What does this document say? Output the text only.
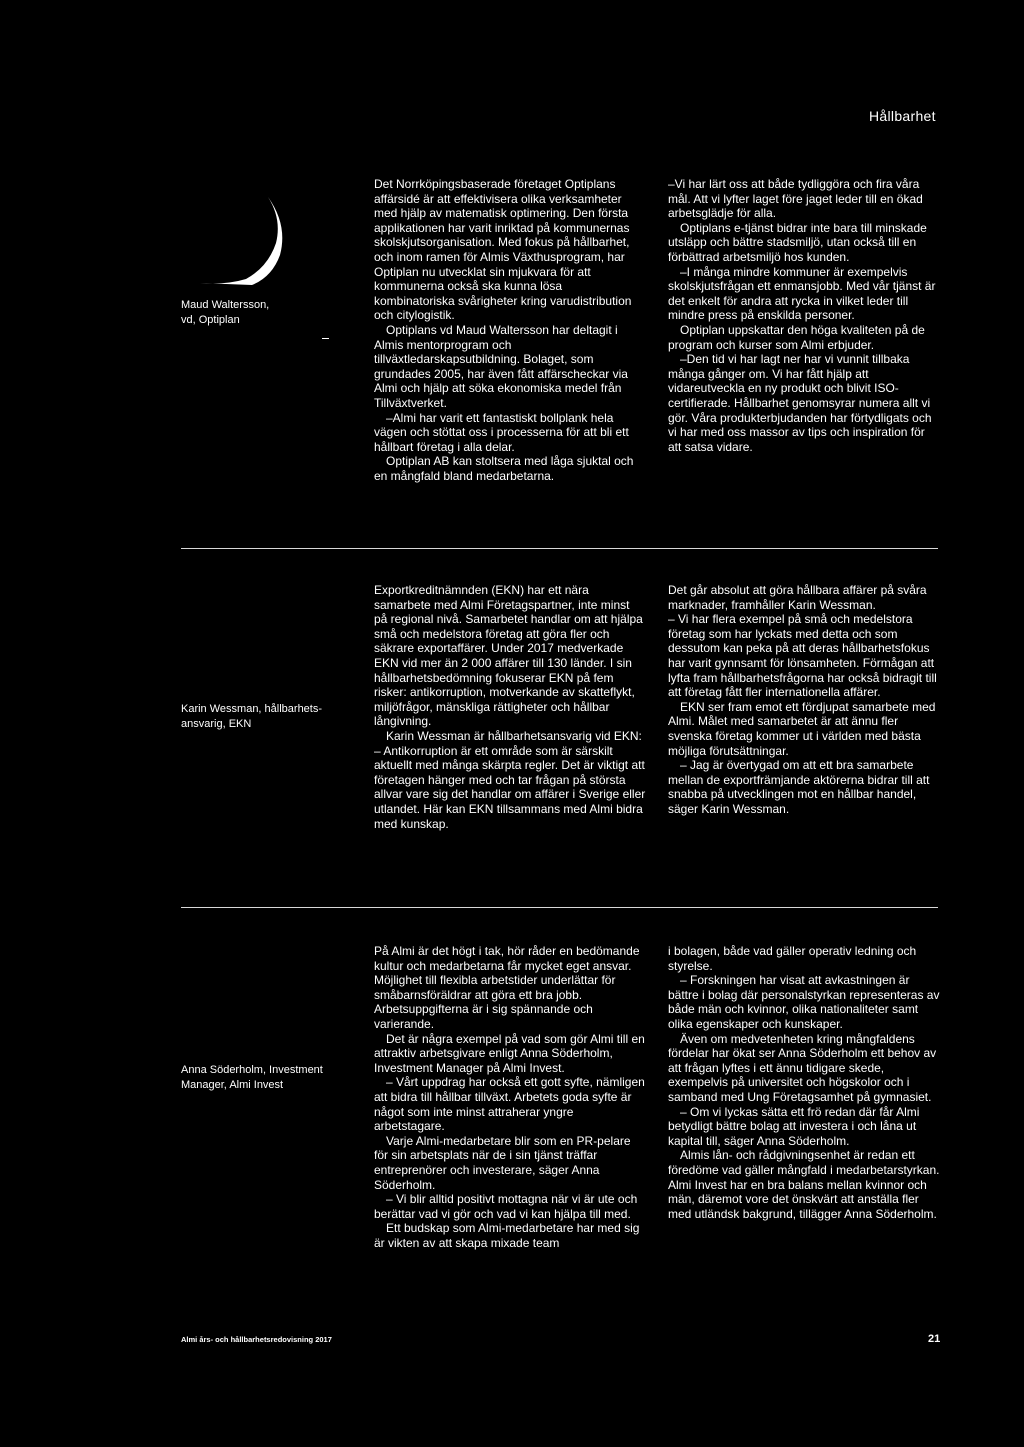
Hållbarhet
Maud Waltersson,
vd, Optiplan

Det Norrköpingsbaserade företaget Optiplans affärsidé är att effektivisera olika verksamheter med hjälp av matematisk optimering. Den första applikationen har varit inriktad på kommunernas skolskjutsorganisation. Med fokus på hållbarhet, och inom ramen för Almis Växthusprogram, har Optiplan nu utvecklat sin mjukvara för att kommunerna också ska kunna lösa kombinatoriska svårigheter kring varudistribution och citylogistik.

Optiplans vd Maud Waltersson har deltagit i Almis mentorprogram och tillväxtledarskapsutbildning. Bolaget, som grundades 2005, har även fått affärscheckar via Almi och hjälp att söka ekonomiska medel från Tillväxtverket.

–Almi har varit ett fantastiskt bollplank hela vägen och stöttat oss i processerna för att bli ett hållbart företag i alla delar.

Optiplan AB kan stoltsera med låga sjuktal och en mångfald bland medarbetarna.

–Vi har lärt oss att både tydliggöra och fira våra mål. Att vi lyfter laget före jaget leder till en ökad arbetsglädje för alla.

Optiplans e-tjänst bidrar inte bara till minskade utsläpp och bättre stadsmiljö, utan också till en förbättrad arbetsmiljö hos kunden.

–I många mindre kommuner är exempelvis skolskjutsfrågan ett enmansjobb. Med vår tjänst är det enkelt för andra att rycka in vilket leder till mindre press på enskilda personer.

Optiplan uppskattar den höga kvaliteten på de program och kurser som Almi erbjuder.

–Den tid vi har lagt ner har vi vunnit tillbaka många gånger om. Vi har fått hjälp att vidareutveckla en ny produkt och blivit ISO-certifierade. Hållbarhet genomsyrar numera allt vi gör. Våra produkterbjudanden har förtydligats och vi har med oss massor av tips och inspiration för att satsa vidare.

Karin Wessman, hållbarhets-
ansvarig, EKN

Exportkreditnämnden (EKN) har ett nära samarbete med Almi Företagspartner, inte minst på regional nivå. Samarbetet handlar om att hjälpa små och medelstora företag att göra fler och säkrare exportaffärer. Under 2017 medverkade EKN vid mer än 2 000 affärer till 130 länder. I sin hållbarhetsbedömning fokuserar EKN på fem risker: antikorruption, motverkande av skatteflykt, miljöfrågor, mänskliga rättigheter och hållbar långivning.

Karin Wessman är hållbarhetsansvarig vid EKN:

– Antikorruption är ett område som är särskilt aktuellt med många skärpta regler. Det är viktigt att företagen hänger med och tar frågan på största allvar vare sig det handlar om affärer i Sverige eller utlandet. Här kan EKN tillsammans med Almi bidra med kunskap.

Det går absolut att göra hållbara affärer på svåra marknader, framhåller Karin Wessman.

– Vi har flera exempel på små och medelstora företag som har lyckats med detta och som dessutom kan peka på att deras hållbarhetsfokus har varit gynnsamt för lönsamheten. Förmågan att lyfta fram hållbarhetsfrågorna har också bidragit till att företag fått fler internationella affärer.

EKN ser fram emot ett fördjupat samarbete med Almi. Målet med samarbetet är att ännu fler svenska företag kommer ut i världen med bästa möjliga förutsättningar.

– Jag är övertygad om att ett bra samarbete mellan de exportfrämjande aktörerna bidrar till att snabba på utvecklingen mot en hållbar handel, säger Karin Wessman.

Anna Söderholm, Investment
Manager, Almi Invest

På Almi är det högt i tak, hör råder en bedömande kultur och medarbetarna får mycket eget ansvar. Möjlighet till flexibla arbetstider underlättar för småbarnsföräldrar att göra ett bra jobb. Arbetsuppgifterna är i sig spännande och varierande.

Det är några exempel på vad som gör Almi till en attraktiv arbetsgivare enligt Anna Söderholm, Investment Manager på Almi Invest.

– Vårt uppdrag har också ett gott syfte, nämligen att bidra till hållbar tillväxt. Arbetets goda syfte är något som inte minst attraherar yngre arbetstagare.

Varje Almi-medarbetare blir som en PR-pelare för sin arbetsplats när de i sin tjänst träffar entreprenörer och investerare, säger Anna Söderholm.

– Vi blir alltid positivt mottagna när vi är ute och berättar vad vi gör och vad vi kan hjälpa till med.

Ett budskap som Almi-medarbetare har med sig är vikten av att skapa mixade team

i bolagen, både vad gäller operativ ledning och styrelse.

– Forskningen har visat att avkastningen är bättre i bolag där personalstyrkan representeras av både män och kvinnor, olika nationaliteter samt olika egenskaper och kunskaper.

Även om medvetenheten kring mångfaldens fördelar har ökat ser Anna Söderholm ett behov av att frågan lyftes i ett ännu tidigare skede, exempelvis på universitet och högskolor och i samband med Ung Företagsamhet på gymnasiet.

– Om vi lyckas sätta ett frö redan där får Almi betydligt bättre bolag att investera i och låna ut kapital till, säger Anna Söderholm.

Almis lån- och rådgivningsenhet är redan ett föredöme vad gäller mångfald i medarbetarstyrkan. Almi Invest har en bra balans mellan kvinnor och män, däremot vore det önskvärt att anställa fler med utländsk bakgrund, tillägger Anna Söderholm.

Almi års- och hållbarhetsredovisning 2017	21
